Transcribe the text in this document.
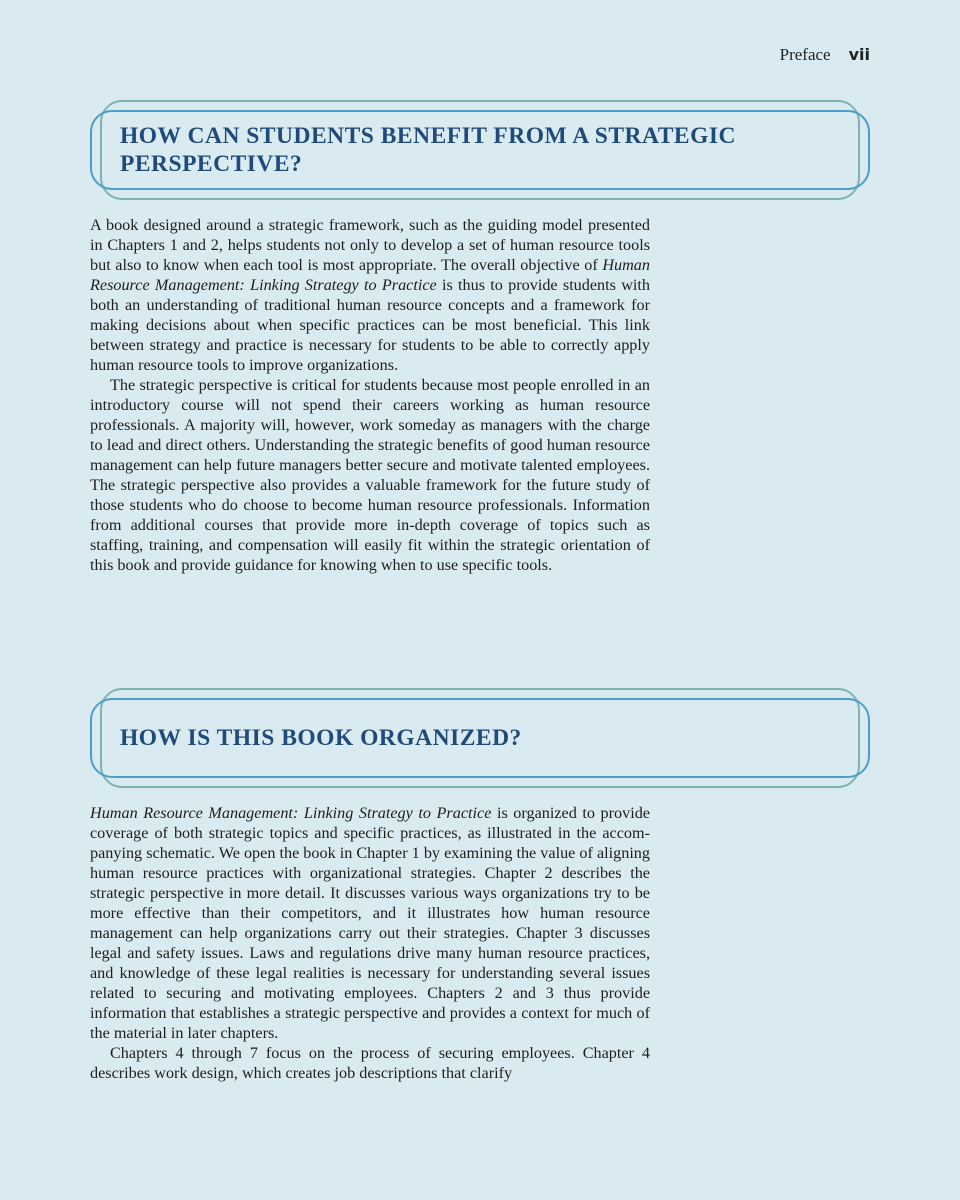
Preface vii
HOW CAN STUDENTS BENEFIT FROM A STRATEGIC PERSPECTIVE?

A book designed around a strategic framework, such as the guiding model presented in Chapters 1 and 2, helps students not only to develop a set of human resource tools but also to know when each tool is most appropriate. The overall objective of Human Resource Management: Linking Strategy to Practice is thus to provide students with both an understanding of traditional human resource concepts and a framework for making decisions about when specific practices can be most beneficial. This link between strategy and practice is necessary for students to be able to correctly apply human resource tools to improve organizations.

The strategic perspective is critical for students because most people enrolled in an introductory course will not spend their careers working as human resource professionals. A majority will, however, work someday as managers with the charge to lead and direct others. Understanding the strategic benefits of good human resource management can help future managers better secure and motivate talented employees. The strategic perspective also provides a valuable framework for the future study of those students who do choose to become human resource professionals. Information from additional courses that provide more in-depth coverage of topics such as staffing, training, and compensation will easily fit within the strategic orientation of this book and provide guidance for knowing when to use specific tools.

HOW IS THIS BOOK ORGANIZED?

Human Resource Management: Linking Strategy to Practice is organized to provide coverage of both strategic topics and specific practices, as illustrated in the accompanying schematic. We open the book in Chapter 1 by examining the value of aligning human resource practices with organizational strategies. Chapter 2 describes the strategic perspective in more detail. It discusses various ways organizations try to be more effective than their competitors, and it illustrates how human resource management can help organizations carry out their strategies. Chapter 3 discusses legal and safety issues. Laws and regulations drive many human resource practices, and knowledge of these legal realities is necessary for understanding several issues related to securing and motivating employees. Chapters 2 and 3 thus provide information that establishes a strategic perspective and provides a context for much of the material in later chapters.

Chapters 4 through 7 focus on the process of securing employees. Chapter 4 describes work design, which creates job descriptions that clarify
